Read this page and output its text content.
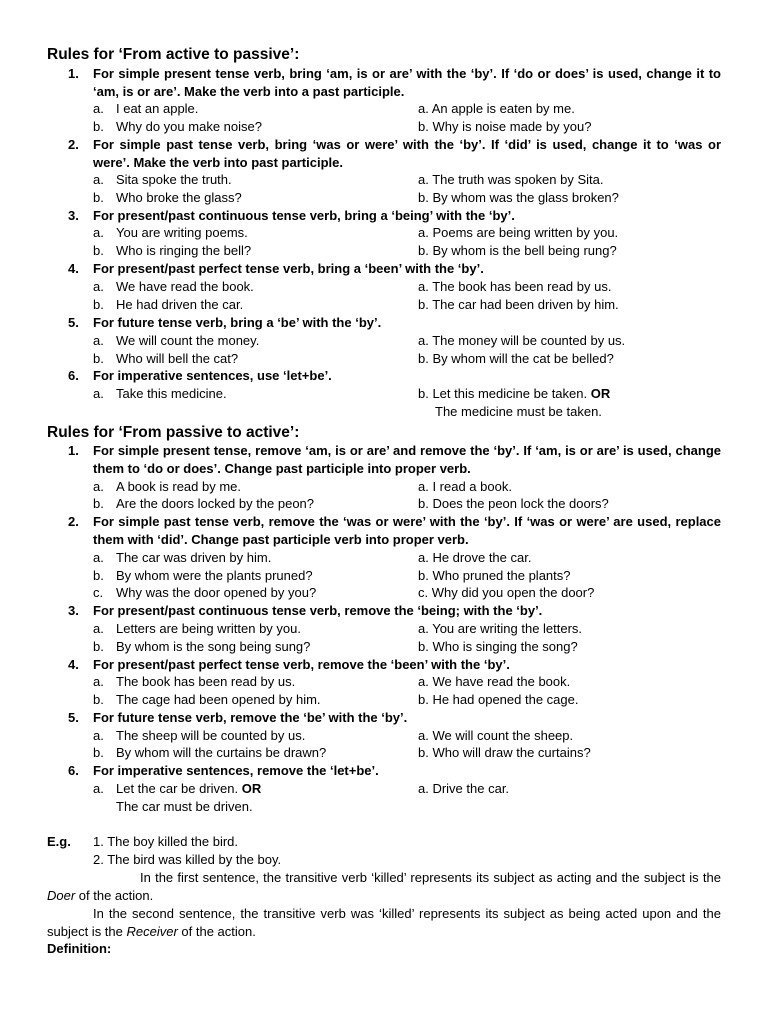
Rules for ‘From active to passive’:
1. For simple present tense verb, bring ‘am, is or are’ with the ‘by’. If ‘do or does’ is used, change it to ‘am, is or are’. Make the verb into a past participle.
a. I eat an apple.	a. An apple is eaten by me.
b. Why do you make noise?	b. Why is noise made by you?
2. For simple past tense verb, bring ‘was or were’ with the ‘by’. If ‘did’ is used, change it to ‘was or were’. Make the verb into past participle.
a. Sita spoke the truth.	a. The truth was spoken by Sita.
b. Who broke the glass?	b. By whom was the glass broken?
3. For present/past continuous tense verb, bring a ‘being’ with the ‘by’.
a. You are writing poems.	a. Poems are being written by you.
b. Who is ringing the bell?	b. By whom is the bell being rung?
4. For present/past perfect tense verb, bring a ‘been’ with the ‘by’.
a. We have read the book.	a. The book has been read by us.
b. He had driven the car.	b. The car had been driven by him.
5. For future tense verb, bring a ‘be’ with the ‘by’.
a. We will count the money.	a. The money will be counted by us.
b. Who will bell the cat?	b. By whom will the cat be belled?
6. For imperative sentences, use ‘let+be’.
a. Take this medicine.	b. Let this medicine be taken. OR
The medicine must be taken.
Rules for ‘From passive to active’:
1. For simple present tense, remove ‘am, is or are’ and remove the ‘by’. If ‘am, is or are’ is used, change them to ‘do or does’. Change past participle into proper verb.
a. A book is read by me.	a. I read a book.
b. Are the doors locked by the peon?	b. Does the peon lock the doors?
2. For simple past tense verb, remove the ‘was or were’ with the ‘by’. If ‘was or were’ are used, replace them with ‘did’. Change past participle verb into proper verb.
a. The car was driven by him.	a. He drove the car.
b. By whom were the plants pruned?	b. Who pruned the plants?
c. Why was the door opened by you?	c. Why did you open the door?
3. For present/past continuous tense verb, remove the ‘being; with the ‘by’.
a. Letters are being written by you.	a. You are writing the letters.
b. By whom is the song being sung?	b. Who is singing the song?
4. For present/past perfect tense verb, remove the ‘been’ with the ‘by’.
a. The book has been read by us.	a. We have read the book.
b. The cage had been opened by him.	b. He had opened the cage.
5. For future tense verb, remove the ‘be’ with the ‘by’.
a. The sheep will be counted by us.	a. We will count the sheep.
b. By whom will the curtains be drawn?	b. Who will draw the curtains?
6. For imperative sentences, remove the ‘let+be’.
a. Let the car be driven. OR	a. Drive the car.
The car must be driven.
E.g. 1. The boy killed the bird.
2. The bird was killed by the boy.
In the first sentence, the transitive verb ‘killed’ represents its subject as acting and the subject is the Doer of the action.
In the second sentence, the transitive verb was ‘killed’ represents its subject as being acted upon and the subject is the Receiver of the action.
Definition:
